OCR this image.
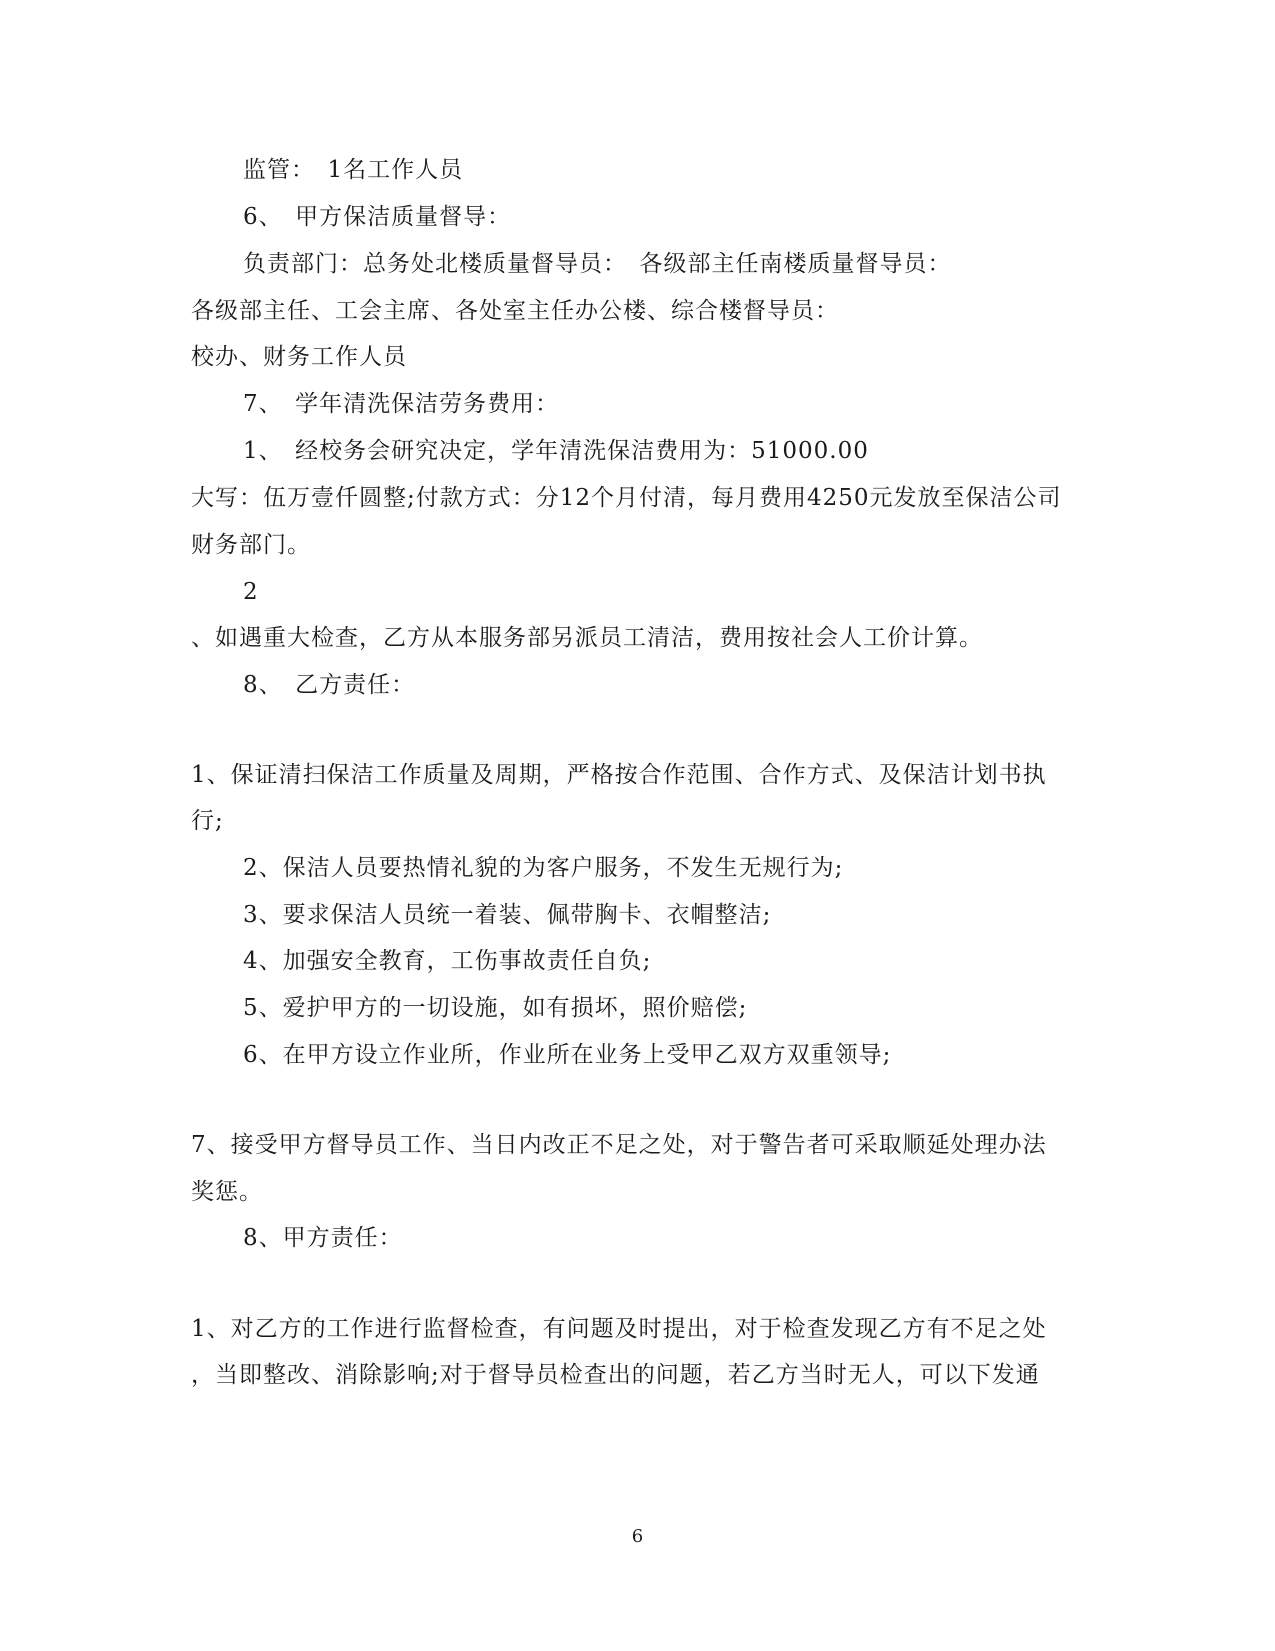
监管：　1名工作人员
6、　甲方保洁质量督导：
负责部门：总务处北楼质量督导员：　各级部主任南楼质量督导员：
各级部主任、工会主席、各处室主任办公楼、综合楼督导员：
校办、财务工作人员
7、　学年清洗保洁劳务费用：
1、　经校务会研究决定，学年清洗保洁费用为：51000.00
大写：伍万壹仟圆整;付款方式：分12个月付清，每月费用4250元发放至保洁公司
财务部门。
2
、如遇重大检查，乙方从本服务部另派员工清洁，费用按社会人工价计算。
8、　乙方责任：
1、保证清扫保洁工作质量及周期，严格按合作范围、合作方式、及保洁计划书执
行;
2、保洁人员要热情礼貌的为客户服务，不发生无规行为;
3、要求保洁人员统一着装、佩带胸卡、衣帽整洁;
4、加强安全教育，工伤事故责任自负;
5、爱护甲方的一切设施，如有损坏，照价赔偿;
6、在甲方设立作业所，作业所在业务上受甲乙双方双重领导;
7、接受甲方督导员工作、当日内改正不足之处，对于警告者可采取顺延处理办法
奖惩。
8、甲方责任：
1、对乙方的工作进行监督检查，有问题及时提出，对于检查发现乙方有不足之处
，当即整改、消除影响;对于督导员检查出的问题，若乙方当时无人，可以下发通
6
